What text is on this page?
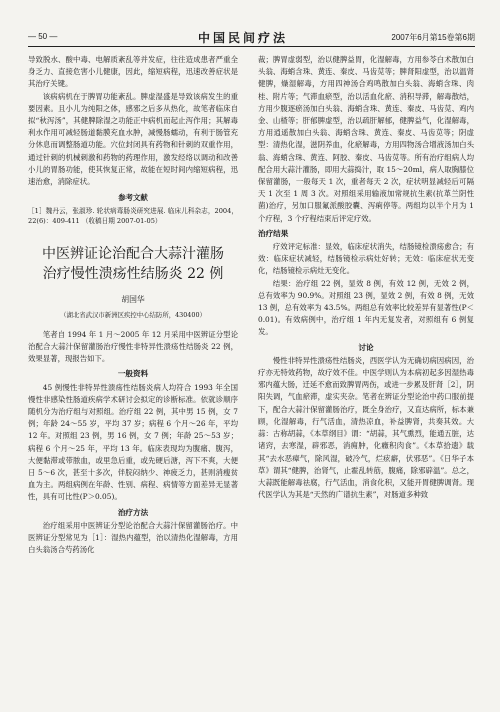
— 50 —	中国民间疗法	2007年6月第15卷第6期

导致脱水、酸中毒、电解质紊乱等并发症，往往造成患者严重全身乏力、直接危害小儿健康，因此，缩短病程，迅速改善症状是其治疗关键。

该病病机在于脾胃功能紊乱。脾虚湿盛是导致该病发生的重要因素。且小儿为纯阳之体，感邪之后多从热化，故笔者临床自拟“秋泻汤”，其健脾除湿之功能正中病机而起止泻作用；其解毒利水作用可减轻肠道黏膜充血水肿，减慢肠蠕动，有利于肠管充分休息而调整肠道功能。穴位封闭具有药物和针刺的双重作用，通过针刺的机械刺激和药物的药理作用，激发经络以调动和改善小儿的胃肠功能，使其恢复正常，故能在短时间内缩短病程，迅速治愈，消除症状。

参考文献

［1］魏丹云，张淑珍. 轮状病毒肠炎研究进展. 临床儿科杂志，2004，22(6)：409-411 （收稿日期 2007-01-05）

中医辨证论治配合大蒜汁灌肠
治疗慢性溃疡性结肠炎 22 例
胡国华
（湖北省武汉市新洲区疾控中心结防所，430400）

笔者自 1994 年 1 月～2005 年 12 月采用中医辨证分型论治配合大蒜汁保留灌肠治疗慢性非特异性溃疡性结肠炎 22 例，效果显著，现报告如下。

一般资料

45 例慢性非特异性溃疡性结肠炎病人均符合 1993 年全国慢性非感染性肠道疾病学术研讨会拟定的诊断标准。依就诊顺序随机分为治疗组与对照组。治疗组 22 例，其中男 15 例，女 7 例；年龄 24～55 岁，平均 37 岁；病程 6 个月～26 年，平均 12 年。对照组 23 例，男 16 例，女 7 例；年龄 25～53 岁；病程 6 个月～25 年，平均 13 年。临床表现均为腹痛、腹泻，大便黏滞或带脓血，或里急后重，或先硬后溏，泻下不爽，大便日 5～6 次，甚至十多次，伴脘闷纳少、神疲乏力，甚则消瘦贫血为主。两组病例在年龄、性别、病程、病情等方面差异无显著性，具有可比性(P＞0.05)。

治疗方法

治疗组采用中医辨证分型论治配合大蒜汁保留灌肠治疗。中医辨证分型常见为［1］：湿热内蕴型，治以清热化湿解毒，方用白头翁汤合芍药汤化

裁；脾胃虚弱型，治以健脾益胃，化湿解毒，方用参苓白术散加白头翁、海蛸含珠、黄连、秦皮、马齿苋等；脾肾阳虚型，治以温肾健脾，燥湿解毒，方用四神汤合鸡鸣散加白头翁、海蛸含珠、肉桂、附片等；气滞血瘀型，治以活血化瘀、消积导滞，解毒散结，方用少腹逐瘀汤加白头翁、海蛸含珠、黄连、秦皮、马齿苋、鸡内金、山楂等；肝郁脾虚型，治以疏肝解郁，健脾益气，化湿解毒，方用逍遥散加白头翁、海蛸含珠、黄连、秦皮、马齿苋等；阴虚型：清热化湿，滋阴养血，化瘀解毒，方用四物汤合增液汤加白头翁、海蛸含珠、黄连、阿胶、秦皮、马齿苋等。所有治疗组病人均配合用大蒜汁灌肠，即用大蒜捣汁，取 15～20ml，病人取胸膝位保留灌肠，一般每天 1 次，重者每天 2 次，症状明显减轻后可隔天 1 次至 1 周 3 次。对照组采用输液加常规抗生素(抗革兰阴性菌)治疗，另加口服氟派酸胶囊、泻痢停等。两组均以半个月为 1 个疗程，3 个疗程结束后评定疗效。

治疗结果

疗效评定标准：显效，临床症状消失，结肠镜检溃疡愈合；有效：临床症状减轻，结肠镜检示病灶好转；无效：临床症状无变化，结肠镜检示病灶无变化。

结果：治疗组 22 例，显效 8 例，有效 12 例，无效 2 例，总有效率为 90.9%。对照组 23 例，显效 2 例，有效 8 例，无效 13 例，总有效率为 43.5%。两组总有效率比较差异有显著性(P＜0.01)。有效病例中，治疗组 1 年内无复发者，对照组有 6 例复发。

讨论

慢性非特异性溃疡性结肠炎，西医学认为无确切病因病因，治疗亦无特效药物，故疗效不佳。中医学则认为本病初起多因湿热毒邪内蕴大肠，迁延不愈而致脾胃两伤，或进一步累及肝肾［2］，阴阳失调，气血瘀滞，虚实夹杂。笔者在辨证分型论治中药口服前提下，配合大蒜汁保留灌肠治疗，既全身治疗，又直达病所，标本兼顾，化湿解毒，行气活血，清热凉血，补益脾肾，共奏其效。大蒜：古称胡蒜，《本草纲目》谓：“胡蒜，其气熏烈，能通五脏，达诸窍，去寒湿，辟邪恶，消痈肿，化癥积肉食”。《本草拾遗》载其“去水恶瘴气，除风湿，破冷气，烂痃癖，伏邪恶”。《日华子本草》谓其“健脾，治肾气，止霍乱转筋，腹痛，除邪辟温”。总之，大蒜既能解毒祛腐，行气活血，消食化积，又能开胃健脾调肾。现代医学认为其是“天然的广谱抗生素”，对肠道多种致
